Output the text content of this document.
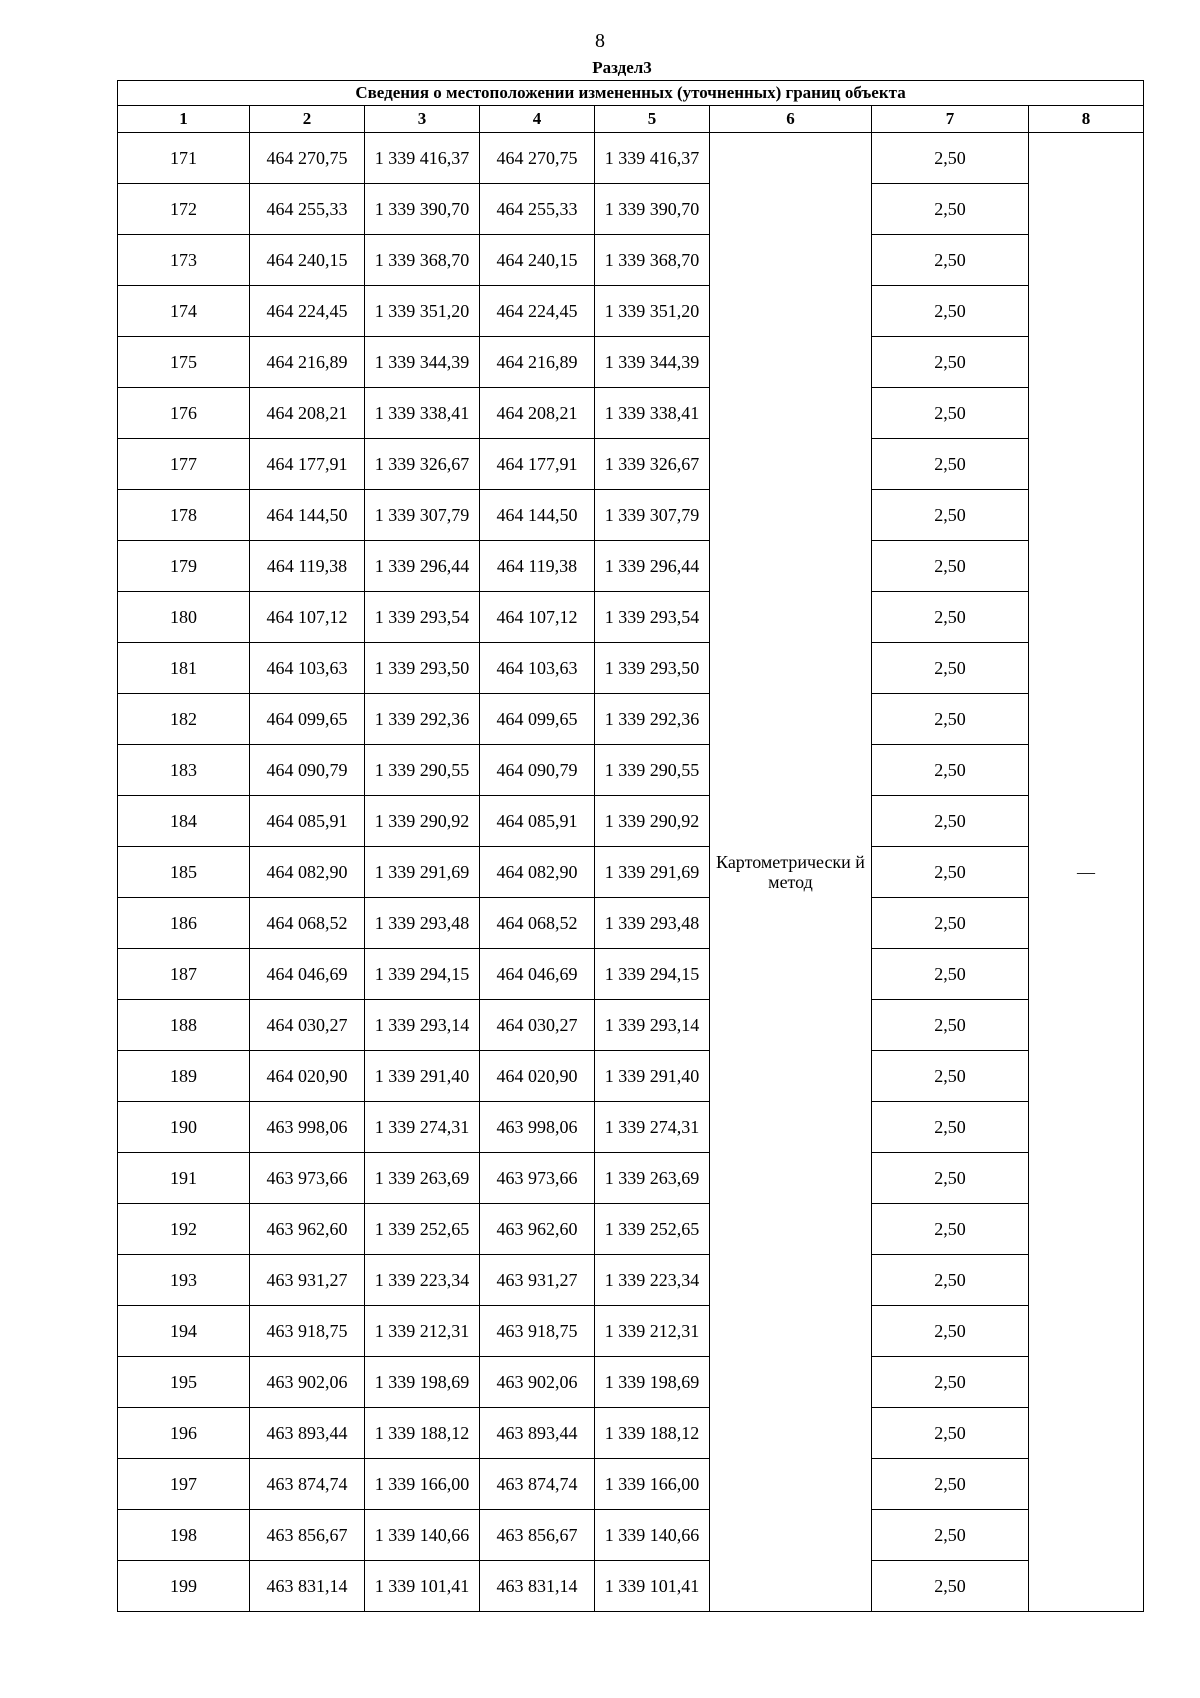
8
Раздел3
Сведения о местоположении измененных (уточненных) границ объекта							
1	2	3	4	5	6	7	8
171	464 270,75	1 339 416,37	464 270,75	1 339 416,37	Картометрически й метод	2,50	—
172	464 255,33	1 339 390,70	464 255,33	1 339 390,70		2,50	
173	464 240,15	1 339 368,70	464 240,15	1 339 368,70		2,50	
174	464 224,45	1 339 351,20	464 224,45	1 339 351,20		2,50	
175	464 216,89	1 339 344,39	464 216,89	1 339 344,39		2,50	
176	464 208,21	1 339 338,41	464 208,21	1 339 338,41		2,50	
177	464 177,91	1 339 326,67	464 177,91	1 339 326,67		2,50	
178	464 144,50	1 339 307,79	464 144,50	1 339 307,79		2,50	
179	464 119,38	1 339 296,44	464 119,38	1 339 296,44		2,50	
180	464 107,12	1 339 293,54	464 107,12	1 339 293,54		2,50	
181	464 103,63	1 339 293,50	464 103,63	1 339 293,50		2,50	
182	464 099,65	1 339 292,36	464 099,65	1 339 292,36		2,50	
183	464 090,79	1 339 290,55	464 090,79	1 339 290,55		2,50	
184	464 085,91	1 339 290,92	464 085,91	1 339 290,92		2,50	
185	464 082,90	1 339 291,69	464 082,90	1 339 291,69		2,50	
186	464 068,52	1 339 293,48	464 068,52	1 339 293,48		2,50	
187	464 046,69	1 339 294,15	464 046,69	1 339 294,15		2,50	
188	464 030,27	1 339 293,14	464 030,27	1 339 293,14		2,50	
189	464 020,90	1 339 291,40	464 020,90	1 339 291,40		2,50	
190	463 998,06	1 339 274,31	463 998,06	1 339 274,31		2,50	
191	463 973,66	1 339 263,69	463 973,66	1 339 263,69		2,50	
192	463 962,60	1 339 252,65	463 962,60	1 339 252,65		2,50	
193	463 931,27	1 339 223,34	463 931,27	1 339 223,34		2,50	
194	463 918,75	1 339 212,31	463 918,75	1 339 212,31		2,50	
195	463 902,06	1 339 198,69	463 902,06	1 339 198,69		2,50	
196	463 893,44	1 339 188,12	463 893,44	1 339 188,12		2,50	
197	463 874,74	1 339 166,00	463 874,74	1 339 166,00		2,50	
198	463 856,67	1 339 140,66	463 856,67	1 339 140,66		2,50	
199	463 831,14	1 339 101,41	463 831,14	1 339 101,41		2,50	
